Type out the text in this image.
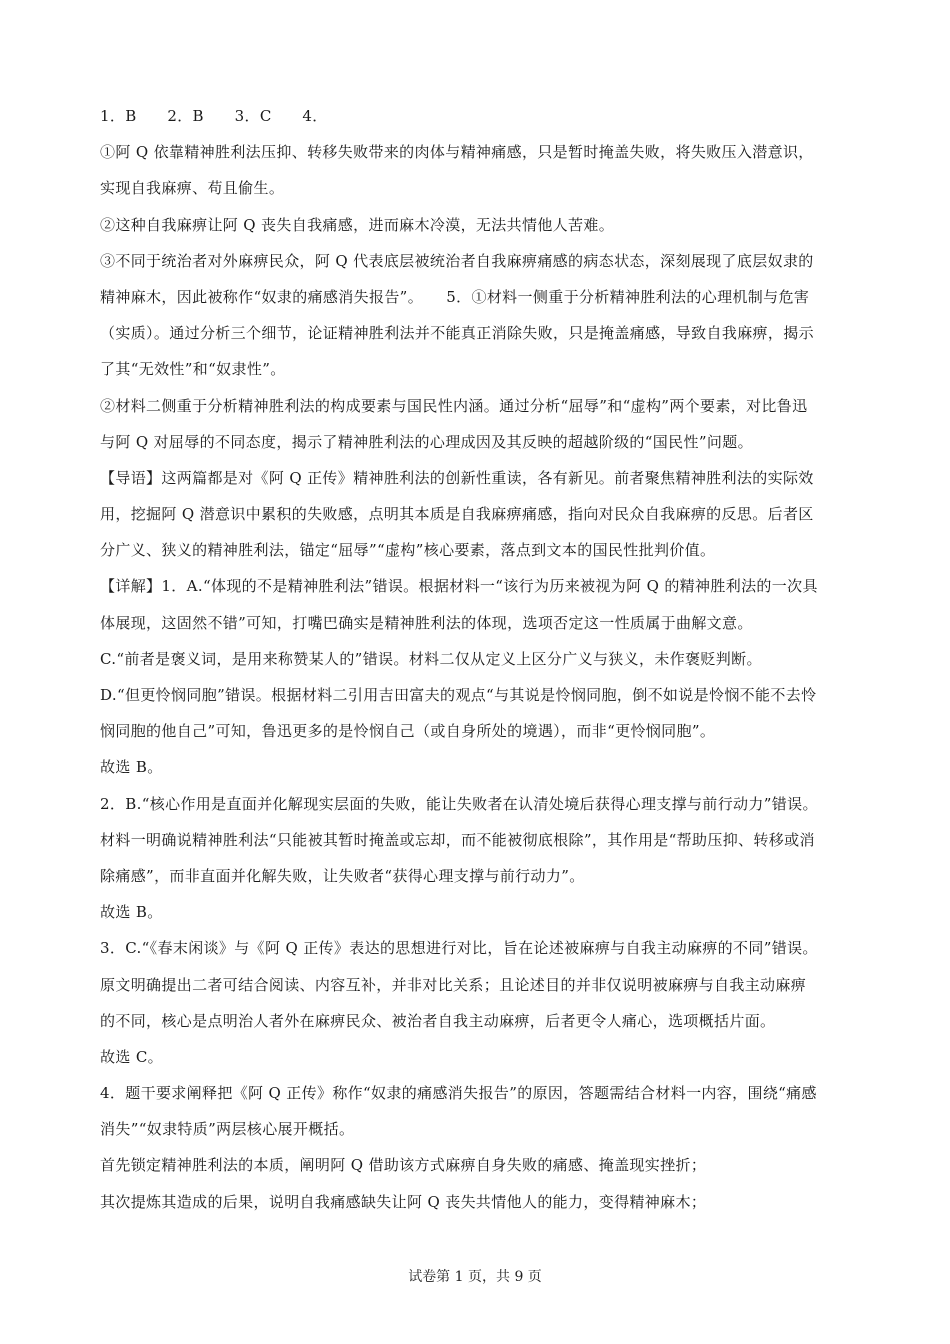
1．B　　2．B　　3．C　　4．
①阿 Q 依靠精神胜利法压抑、转移失败带来的肉体与精神痛感，只是暂时掩盖失败，将失败压入潜意识，
实现自我麻痹、苟且偷生。
②这种自我麻痹让阿 Q 丧失自我痛感，进而麻木冷漠，无法共情他人苦难。
③不同于统治者对外麻痹民众，阿 Q 代表底层被统治者自我麻痹痛感的病态状态，深刻展现了底层奴隶的
精神麻木，因此被称作“奴隶的痛感消失报告”。　　5．①材料一侧重于分析精神胜利法的心理机制与危害
（实质）。通过分析三个细节，论证精神胜利法并不能真正消除失败，只是掩盖痛感，导致自我麻痹，揭示
了其“无效性”和“奴隶性”。
②材料二侧重于分析精神胜利法的构成要素与国民性内涵。通过分析“屈辱”和“虚构”两个要素，对比鲁迅
与阿 Q 对屈辱的不同态度，揭示了精神胜利法的心理成因及其反映的超越阶级的“国民性”问题。
【导语】这两篇都是对《阿 Q 正传》精神胜利法的创新性重读，各有新见。前者聚焦精神胜利法的实际效
用，挖掘阿 Q 潜意识中累积的失败感，点明其本质是自我麻痹痛感，指向对民众自我麻痹的反思。后者区
分广义、狭义的精神胜利法，锚定“屈辱”“虚构”核心要素，落点到文本的国民性批判价值。
【详解】1．A.“体现的不是精神胜利法”错误。根据材料一“该行为历来被视为阿 Q 的精神胜利法的一次具
体展现，这固然不错”可知，打嘴巴确实是精神胜利法的体现，选项否定这一性质属于曲解文意。
C.“前者是褒义词，是用来称赞某人的”错误。材料二仅从定义上区分广义与狭义，未作褒贬判断。
D.“但更怜悯同胞”错误。根据材料二引用吉田富夫的观点“与其说是怜悯同胞，倒不如说是怜悯不能不去怜
悯同胞的他自己”可知，鲁迅更多的是怜悯自己（或自身所处的境遇），而非“更怜悯同胞”。
故选 B。
2．B.“核心作用是直面并化解现实层面的失败，能让失败者在认清处境后获得心理支撑与前行动力”错误。
材料一明确说精神胜利法“只能被其暂时掩盖或忘却，而不能被彻底根除”，其作用是“帮助压抑、转移或消
除痛感”，而非直面并化解失败，让失败者“获得心理支撑与前行动力”。
故选 B。
3．C.“《春末闲谈》与《阿 Q 正传》表达的思想进行对比，旨在论述被麻痹与自我主动麻痹的不同”错误。
原文明确提出二者可结合阅读、内容互补，并非对比关系；且论述目的并非仅说明被麻痹与自我主动麻痹
的不同，核心是点明治人者外在麻痹民众、被治者自我主动麻痹，后者更令人痛心，选项概括片面。
故选 C。
4．题干要求阐释把《阿 Q 正传》称作“奴隶的痛感消失报告”的原因，答题需结合材料一内容，围绕“痛感
消失”“奴隶特质”两层核心展开概括。
首先锁定精神胜利法的本质，阐明阿 Q 借助该方式麻痹自身失败的痛感、掩盖现实挫折；
其次提炼其造成的后果，说明自我痛感缺失让阿 Q 丧失共情他人的能力，变得精神麻木；
试卷第 1 页，共 9 页
